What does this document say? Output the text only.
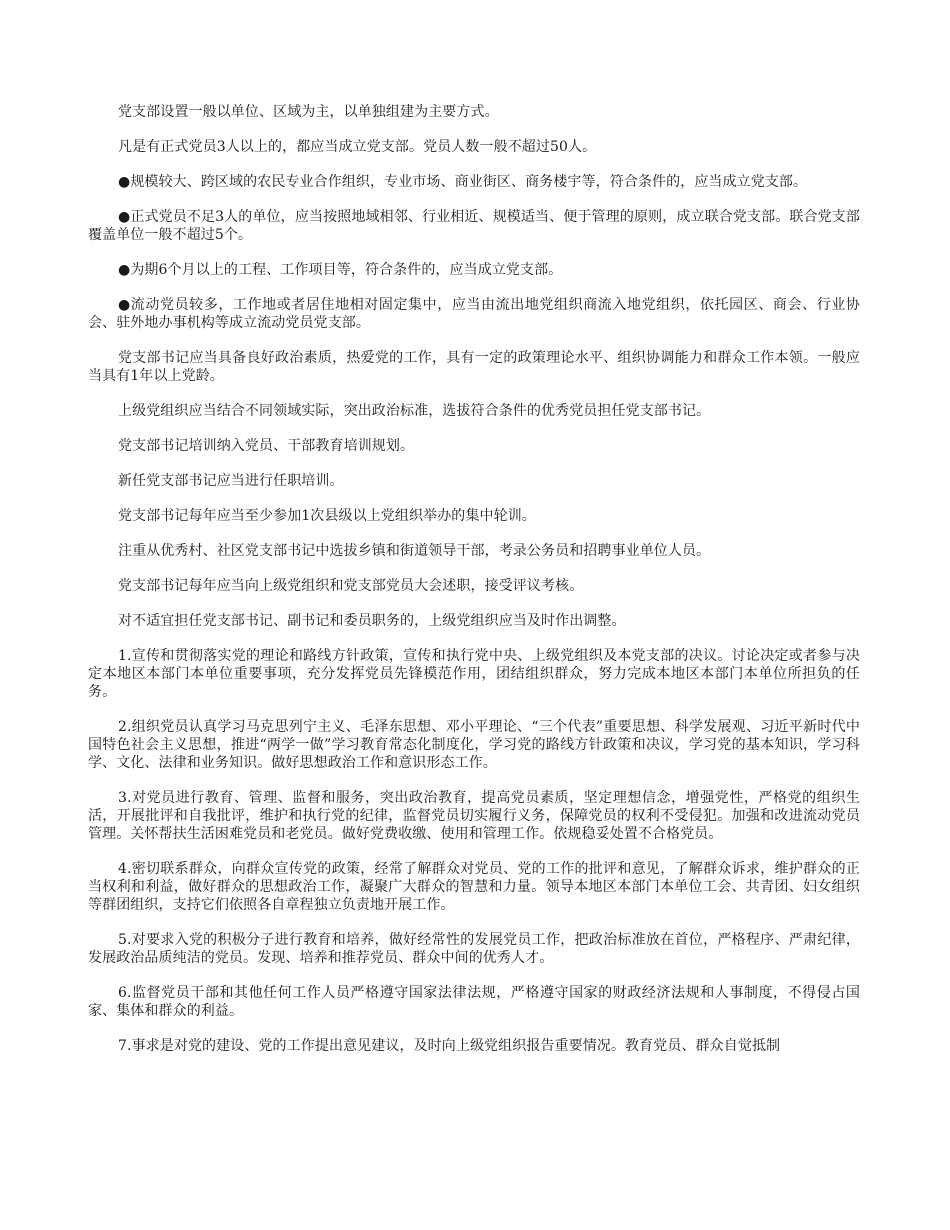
党支部设置一般以单位、区域为主，以单独组建为主要方式。

凡是有正式党员3人以上的，都应当成立党支部。党员人数一般不超过50人。

●规模较大、跨区域的农民专业合作组织，专业市场、商业街区、商务楼宇等，符合条件的，应当成立党支部。

●正式党员不足3人的单位，应当按照地域相邻、行业相近、规模适当、便于管理的原则，成立联合党支部。联合党支部覆盖单位一般不超过5个。

●为期6个月以上的工程、工作项目等，符合条件的，应当成立党支部。

●流动党员较多，工作地或者居住地相对固定集中，应当由流出地党组织商流入地党组织，依托园区、商会、行业协会、驻外地办事机构等成立流动党员党支部。

党支部书记应当具备良好政治素质，热爱党的工作，具有一定的政策理论水平、组织协调能力和群众工作本领。一般应当具有1年以上党龄。

上级党组织应当结合不同领域实际，突出政治标准，选拔符合条件的优秀党员担任党支部书记。

党支部书记培训纳入党员、干部教育培训规划。

新任党支部书记应当进行任职培训。

党支部书记每年应当至少参加1次县级以上党组织举办的集中轮训。

注重从优秀村、社区党支部书记中选拔乡镇和街道领导干部，考录公务员和招聘事业单位人员。

党支部书记每年应当向上级党组织和党支部党员大会述职，接受评议考核。

对不适宜担任党支部书记、副书记和委员职务的，上级党组织应当及时作出调整。

1.宣传和贯彻落实党的理论和路线方针政策，宣传和执行党中央、上级党组织及本党支部的决议。讨论决定或者参与决定本地区本部门本单位重要事项，充分发挥党员先锋模范作用，团结组织群众，努力完成本地区本部门本单位所担负的任务。

2.组织党员认真学习马克思列宁主义、毛泽东思想、邓小平理论、“三个代表”重要思想、科学发展观、习近平新时代中国特色社会主义思想，推进“两学一做”学习教育常态化制度化，学习党的路线方针政策和决议，学习党的基本知识，学习科学、文化、法律和业务知识。做好思想政治工作和意识形态工作。

3.对党员进行教育、管理、监督和服务，突出政治教育，提高党员素质，坚定理想信念，增强党性，严格党的组织生活，开展批评和自我批评，维护和执行党的纪律，监督党员切实履行义务，保障党员的权利不受侵犯。加强和改进流动党员管理。关怀帮扶生活困难党员和老党员。做好党费收缴、使用和管理工作。依规稳妥处置不合格党员。

4.密切联系群众，向群众宣传党的政策，经常了解群众对党员、党的工作的批评和意见，了解群众诉求，维护群众的正当权利和利益，做好群众的思想政治工作，凝聚广大群众的智慧和力量。领导本地区本部门本单位工会、共青团、妇女组织等群团组织，支持它们依照各自章程独立负责地开展工作。

5.对要求入党的积极分子进行教育和培养，做好经常性的发展党员工作，把政治标准放在首位，严格程序、严肃纪律，发展政治品质纯洁的党员。发现、培养和推荐党员、群众中间的优秀人才。

6.监督党员干部和其他任何工作人员严格遵守国家法律法规，严格遵守国家的财政经济法规和人事制度，不得侵占国家、集体和群众的利益。

7.事求是对党的建设、党的工作提出意见建议，及时向上级党组织报告重要情况。教育党员、群众自觉抵制
